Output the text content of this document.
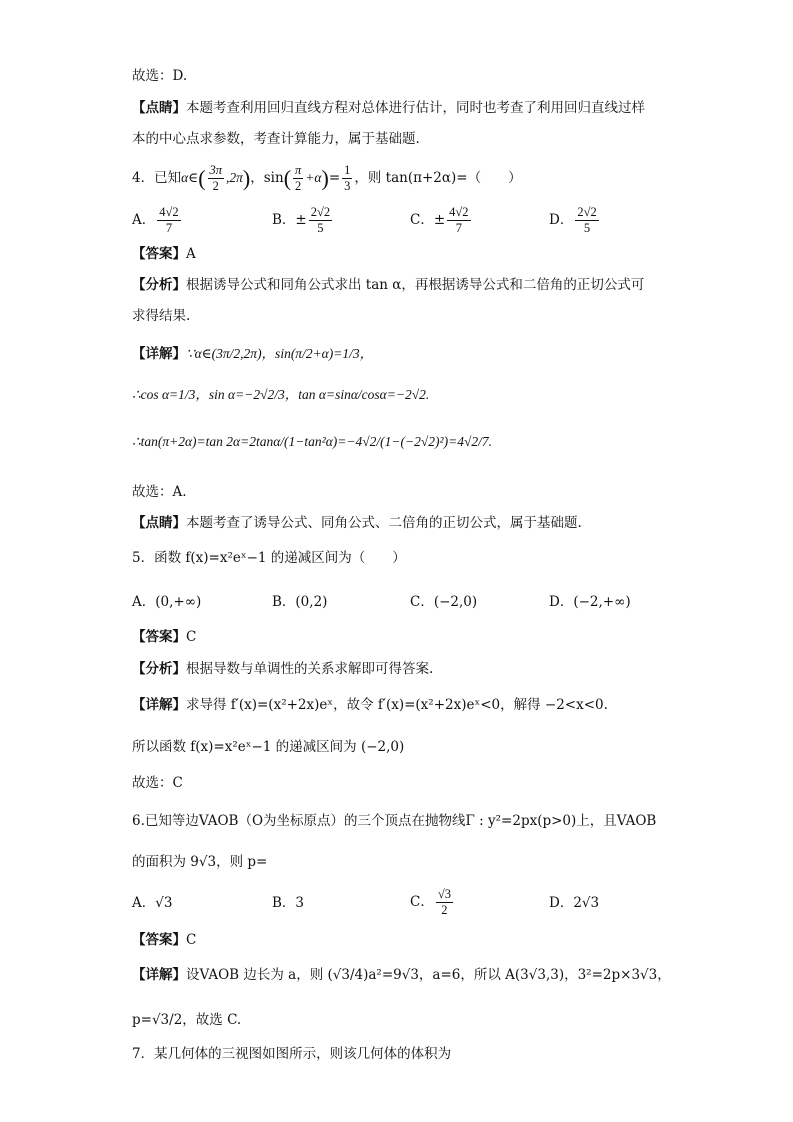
故选：D.
【点睛】本题考查利用回归直线方程对总体进行估计，同时也考查了利用回归直线过样
本的中心点求参数，考查计算能力，属于基础题.
4．已知α∈( $\frac{3\pi}{2} ,2\pi$)，$\sin( \frac{\pi}{2} +\alpha)= \frac{1}{3}$ ，则 tan(π+2α)=（　　）
A． $\frac{4√2}{7}$	B．± $\frac{2√2}{5}$	C．± $\frac{4√2}{7}$	D． $\frac{2√2}{5}$
【答案】A
【分析】根据诱导公式和同角公式求出 tan α，再根据诱导公式和二倍角的正切公式可
求得结果.
【详解】∵α∈(3π/2,2π)，sin(π/2+α)=1/3，
∴cos α=1/3，sin α=−2√2/3，tan α=sinα/cosα=−2√2.
∴tan(π+2α)=tan 2α=2tanα/(1−tan²α)=−4√2/(1−(−2√2)²)=4√2/7.
故选：A.
【点睛】本题考查了诱导公式、同角公式、二倍角的正切公式，属于基础题.
5．函数 f(x)=x²eˣ−1 的递减区间为（　　）
A．(0,+∞)	B．(0,2)	C．(−2,0)	D．(−2,+∞)
【答案】C
【分析】根据导数与单调性的关系求解即可得答案.
【详解】求导得 f′(x)=(x²+2x)eˣ，故令 f′(x)=(x²+2x)eˣ<0，解得 −2<x<0.
所以函数 f(x)=x²eˣ−1 的递减区间为 (−2,0)
故选：C
6.已知等边VAOB（O为坐标原点）的三个顶点在抛物线Γ : y²=2px(p>0)上，且VAOB
的面积为 9√3，则 p=
A．√3	B．3	C． $\frac{√3}{2}$	D．2√3
【答案】C
【详解】设VAOB 边长为 a，则 (√3/4)a²=9√3，a=6，所以 A(3√3,3)，3²=2p×3√3，
p=√3/2，故选 C.
7．某几何体的三视图如图所示，则该几何体的体积为
